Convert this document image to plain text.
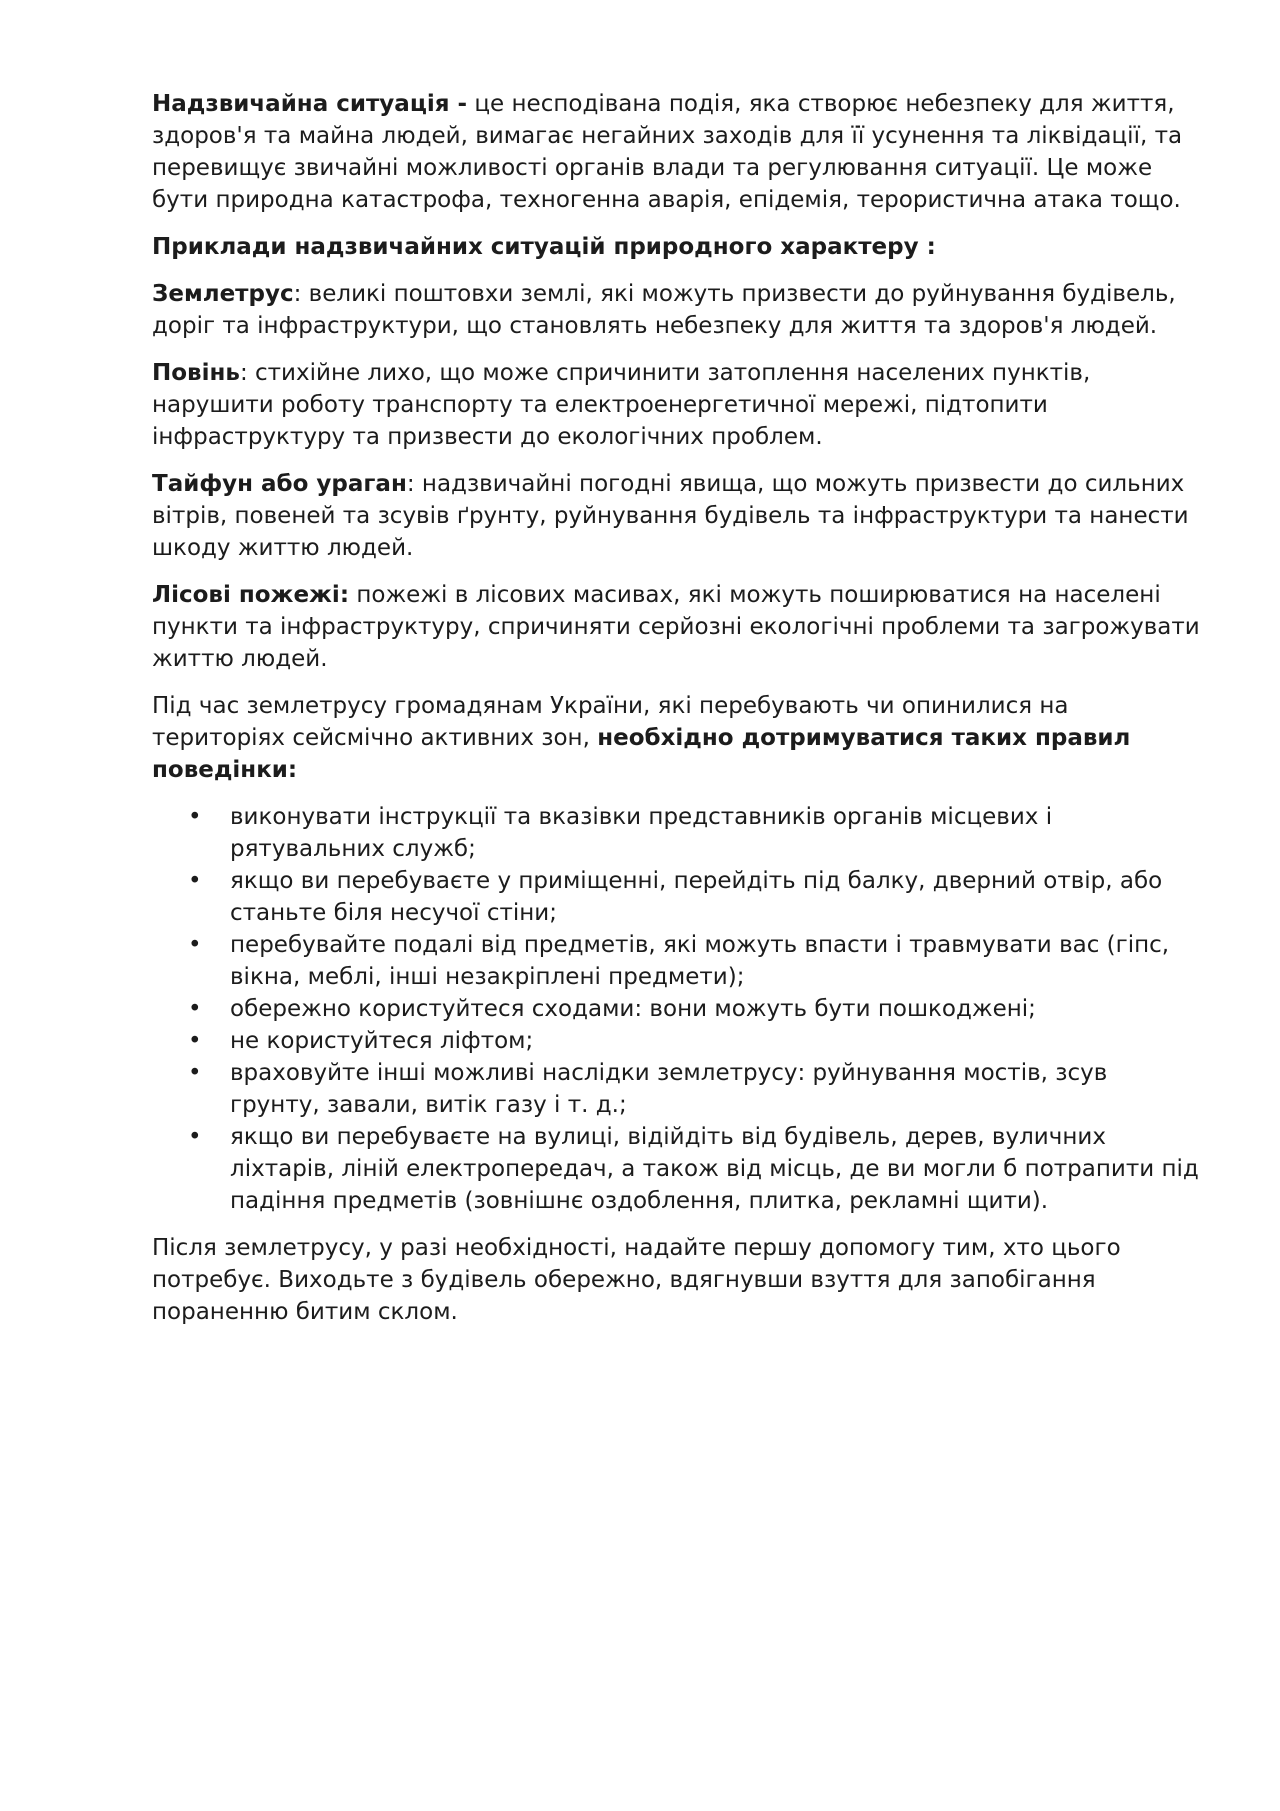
Надзвичайна ситуація - це несподівана подія, яка створює небезпеку для життя, здоров'я та майна людей, вимагає негайних заходів для її усунення та ліквідації, та перевищує звичайні можливості органів влади та регулювання ситуації. Це може бути природна катастрофа, техногенна аварія, епідемія, терористична атака тощо.

Приклади надзвичайних ситуацій природного характеру :

Землетрус: великі поштовхи землі, які можуть призвести до руйнування будівель, доріг та інфраструктури, що становлять небезпеку для життя та здоров'я людей.

Повінь: стихійне лихо, що може спричинити затоплення населених пунктів, нарушити роботу транспорту та електроенергетичної мережі, підтопити інфраструктуру та призвести до екологічних проблем.

Тайфун або ураган: надзвичайні погодні явища, що можуть призвести до сильних вітрів, повеней та зсувів ґрунту, руйнування будівель та інфраструктури та нанести шкоду життю людей.

Лісові пожежі: пожежі в лісових масивах, які можуть поширюватися на населені пункти та інфраструктуру, спричиняти серйозні екологічні проблеми та загрожувати життю людей.

Під час землетрусу громадянам України, які перебувають чи опинилися на територіях сейсмічно активних зон, необхідно дотримуватися таких правил поведінки:

• виконувати інструкції та вказівки представників органів місцевих і рятувальних служб;
• якщо ви перебуваєте у приміщенні, перейдіть під балку, дверний отвір, або станьте біля несучої стіни;
• перебувайте подалі від предметів, які можуть впасти і травмувати вас (гіпс, вікна, меблі, інші незакріплені предмети);
• обережно користуйтеся сходами: вони можуть бути пошкоджені;
• не користуйтеся ліфтом;
• враховуйте інші можливі наслідки землетрусу: руйнування мостів, зсув грунту, завали, витік газу і т. д.;
• якщо ви перебуваєте на вулиці, відійдіть від будівель, дерев, вуличних ліхтарів, ліній електропередач, а також від місць, де ви могли б потрапити під падіння предметів (зовнішнє оздоблення, плитка, рекламні щити).

Після землетрусу, у разі необхідності, надайте першу допомогу тим, хто цього потребує. Виходьте з будівель обережно, вдягнувши взуття для запобігання пораненню битим склом.
